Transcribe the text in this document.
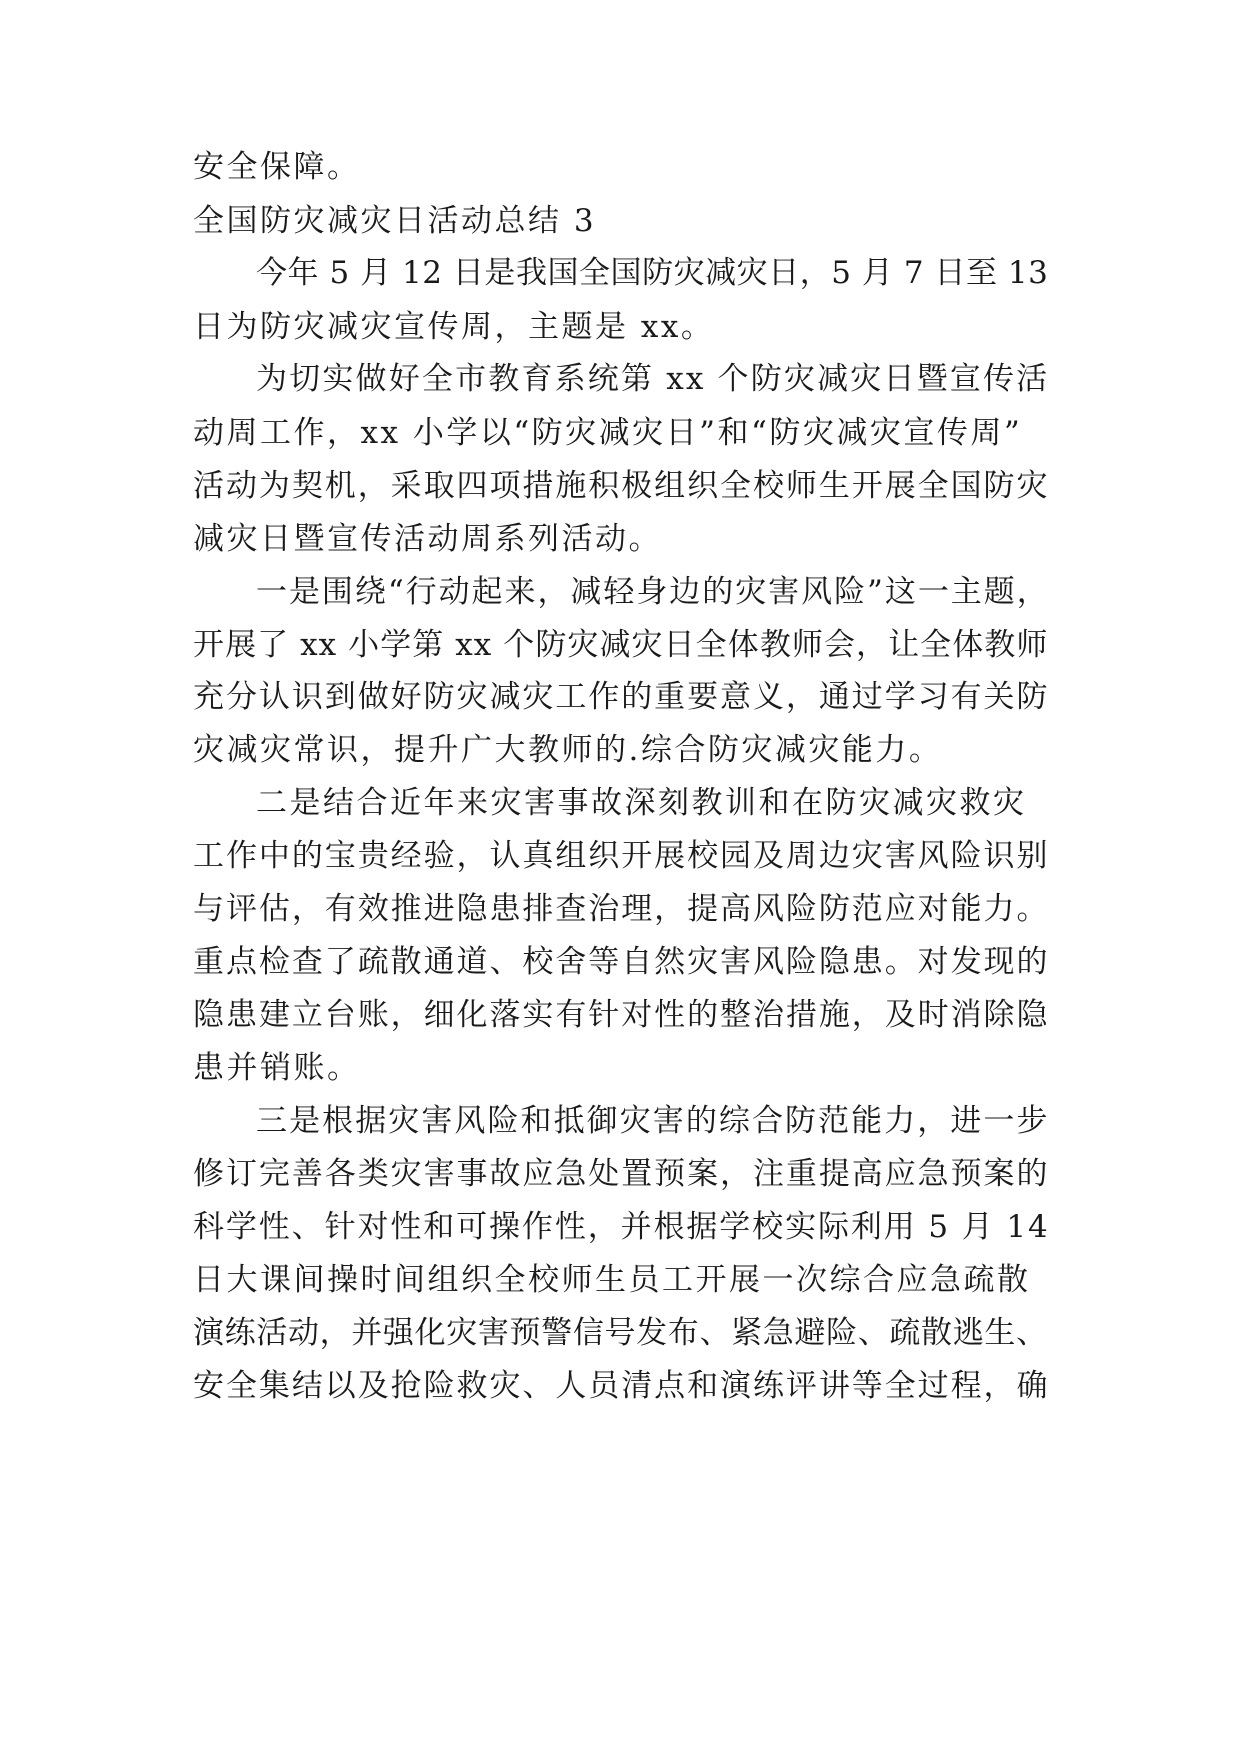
安全保障。
全国防灾减灾日活动总结 3
今年 5 月 12 日是我国全国防灾减灾日，5 月 7 日至 13
日为防灾减灾宣传周，主题是 xx。
为切实做好全市教育系统第 xx 个防灾减灾日暨宣传活
动周工作，xx 小学以“防灾减灾日”和“防灾减灾宣传周”
活动为契机，采取四项措施积极组织全校师生开展全国防灾
减灾日暨宣传活动周系列活动。
一是围绕“行动起来，减轻身边的灾害风险”这一主题，
开展了 xx 小学第 xx 个防灾减灾日全体教师会，让全体教师
充分认识到做好防灾减灾工作的重要意义，通过学习有关防
灾减灾常识，提升广大教师的.综合防灾减灾能力。
二是结合近年来灾害事故深刻教训和在防灾减灾救灾
工作中的宝贵经验，认真组织开展校园及周边灾害风险识别
与评估，有效推进隐患排查治理，提高风险防范应对能力。
重点检查了疏散通道、校舍等自然灾害风险隐患。对发现的
隐患建立台账，细化落实有针对性的整治措施，及时消除隐
患并销账。
三是根据灾害风险和抵御灾害的综合防范能力，进一步
修订完善各类灾害事故应急处置预案，注重提高应急预案的
科学性、针对性和可操作性，并根据学校实际利用 5 月 14
日大课间操时间组织全校师生员工开展一次综合应急疏散
演练活动，并强化灾害预警信号发布、紧急避险、疏散逃生、
安全集结以及抢险救灾、人员清点和演练评讲等全过程，确
